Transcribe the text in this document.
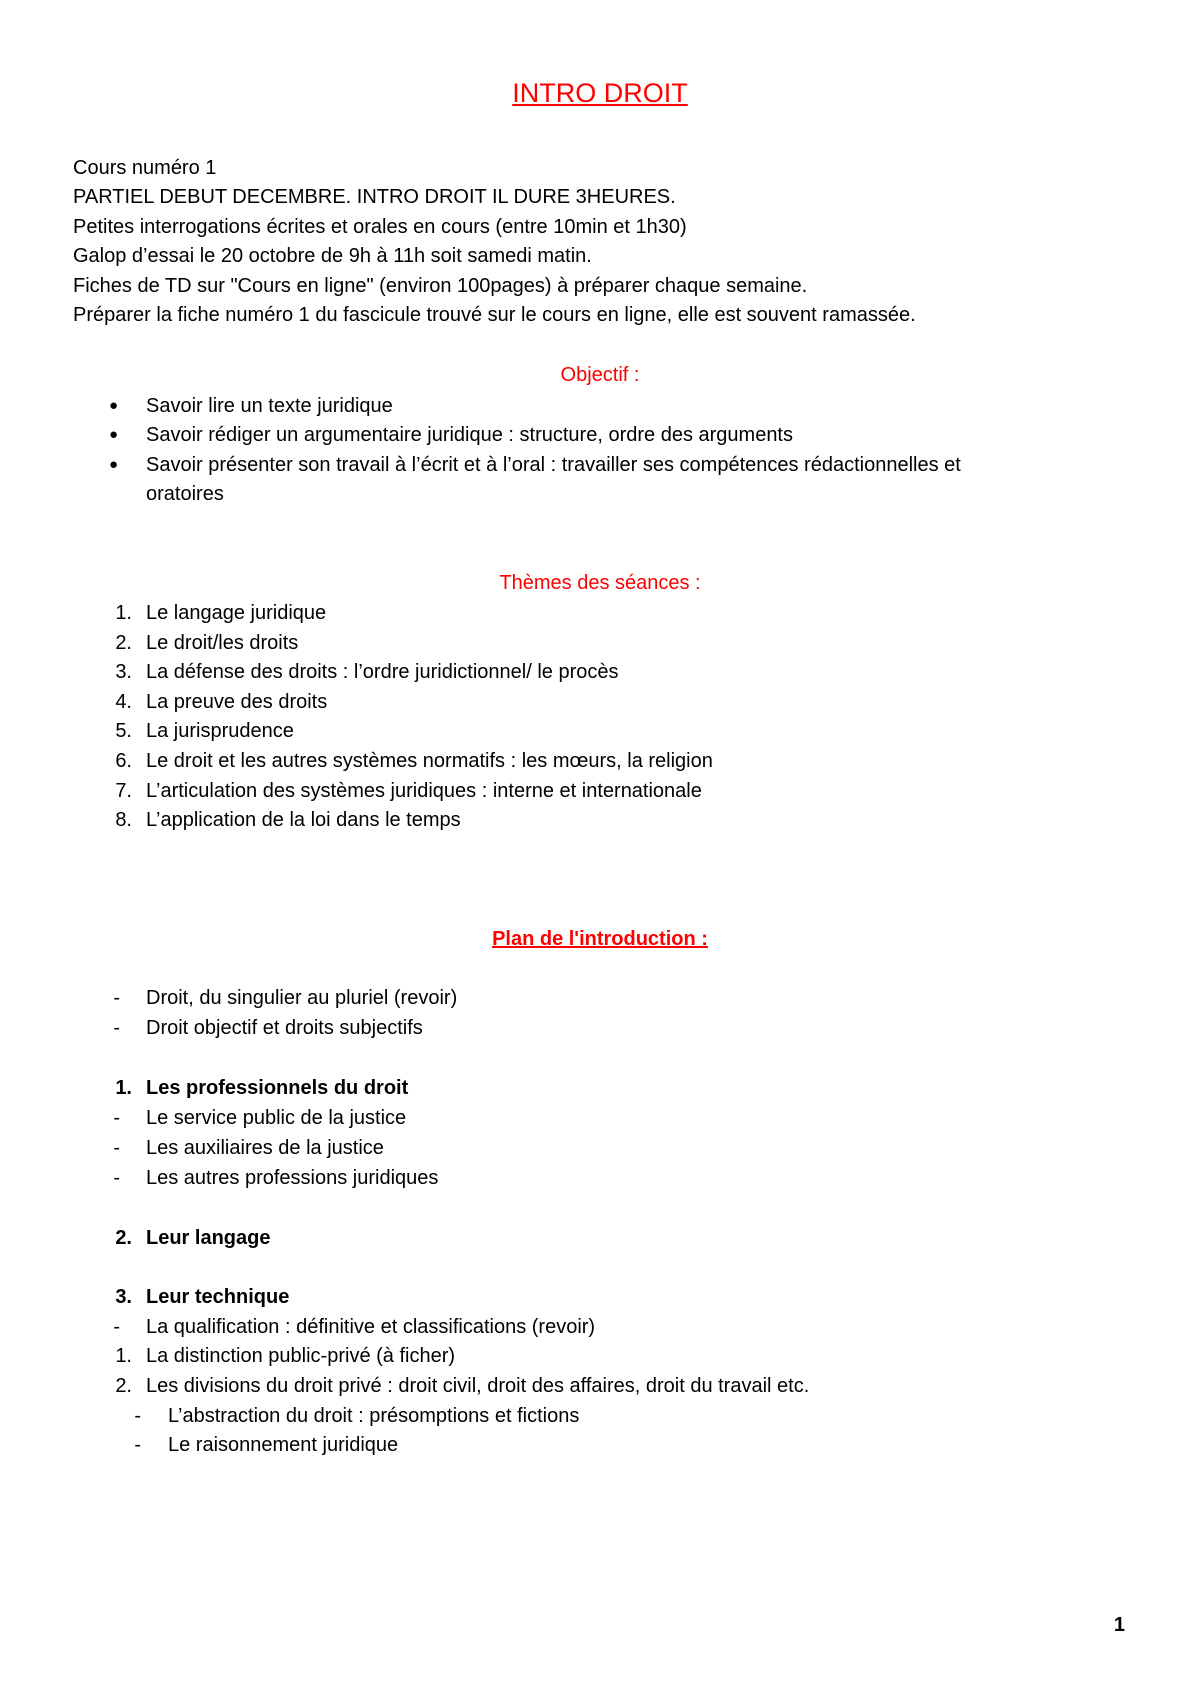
INTRO DROIT
Cours numéro 1
PARTIEL DEBUT DECEMBRE. INTRO DROIT IL DURE 3HEURES.
Petites interrogations écrites et orales en cours (entre 10min et 1h30)
Galop d’essai le 20 octobre de 9h à 11h soit samedi matin.
Fiches de TD sur "Cours en ligne" (environ 100pages) à préparer chaque semaine.
Préparer la fiche numéro 1 du fascicule trouvé sur le cours en ligne, elle est souvent ramassée.
Objectif :
● Savoir lire un texte juridique
● Savoir rédiger un argumentaire juridique : structure, ordre des arguments
● Savoir présenter son travail à l’écrit et à l’oral : travailler ses compétences rédactionnelles et
oratoires
Thèmes des séances :
1. Le langage juridique
2. Le droit/les droits
3. La défense des droits : l’ordre juridictionnel/ le procès
4. La preuve des droits
5. La jurisprudence
6. Le droit et les autres systèmes normatifs : les mœurs, la religion
7. L’articulation des systèmes juridiques : interne et internationale
8. L’application de la loi dans le temps
Plan de l'introduction :
- Droit, du singulier au pluriel (revoir)
- Droit objectif et droits subjectifs
1. Les professionnels du droit
- Le service public de la justice
- Les auxiliaires de la justice
- Les autres professions juridiques
2. Leur langage
3. Leur technique
- La qualification : définitive et classifications (revoir)
1. La distinction public-privé (à ficher)
2. Les divisions du droit privé : droit civil, droit des affaires, droit du travail etc.
- L’abstraction du droit : présomptions et fictions
- Le raisonnement juridique
1
